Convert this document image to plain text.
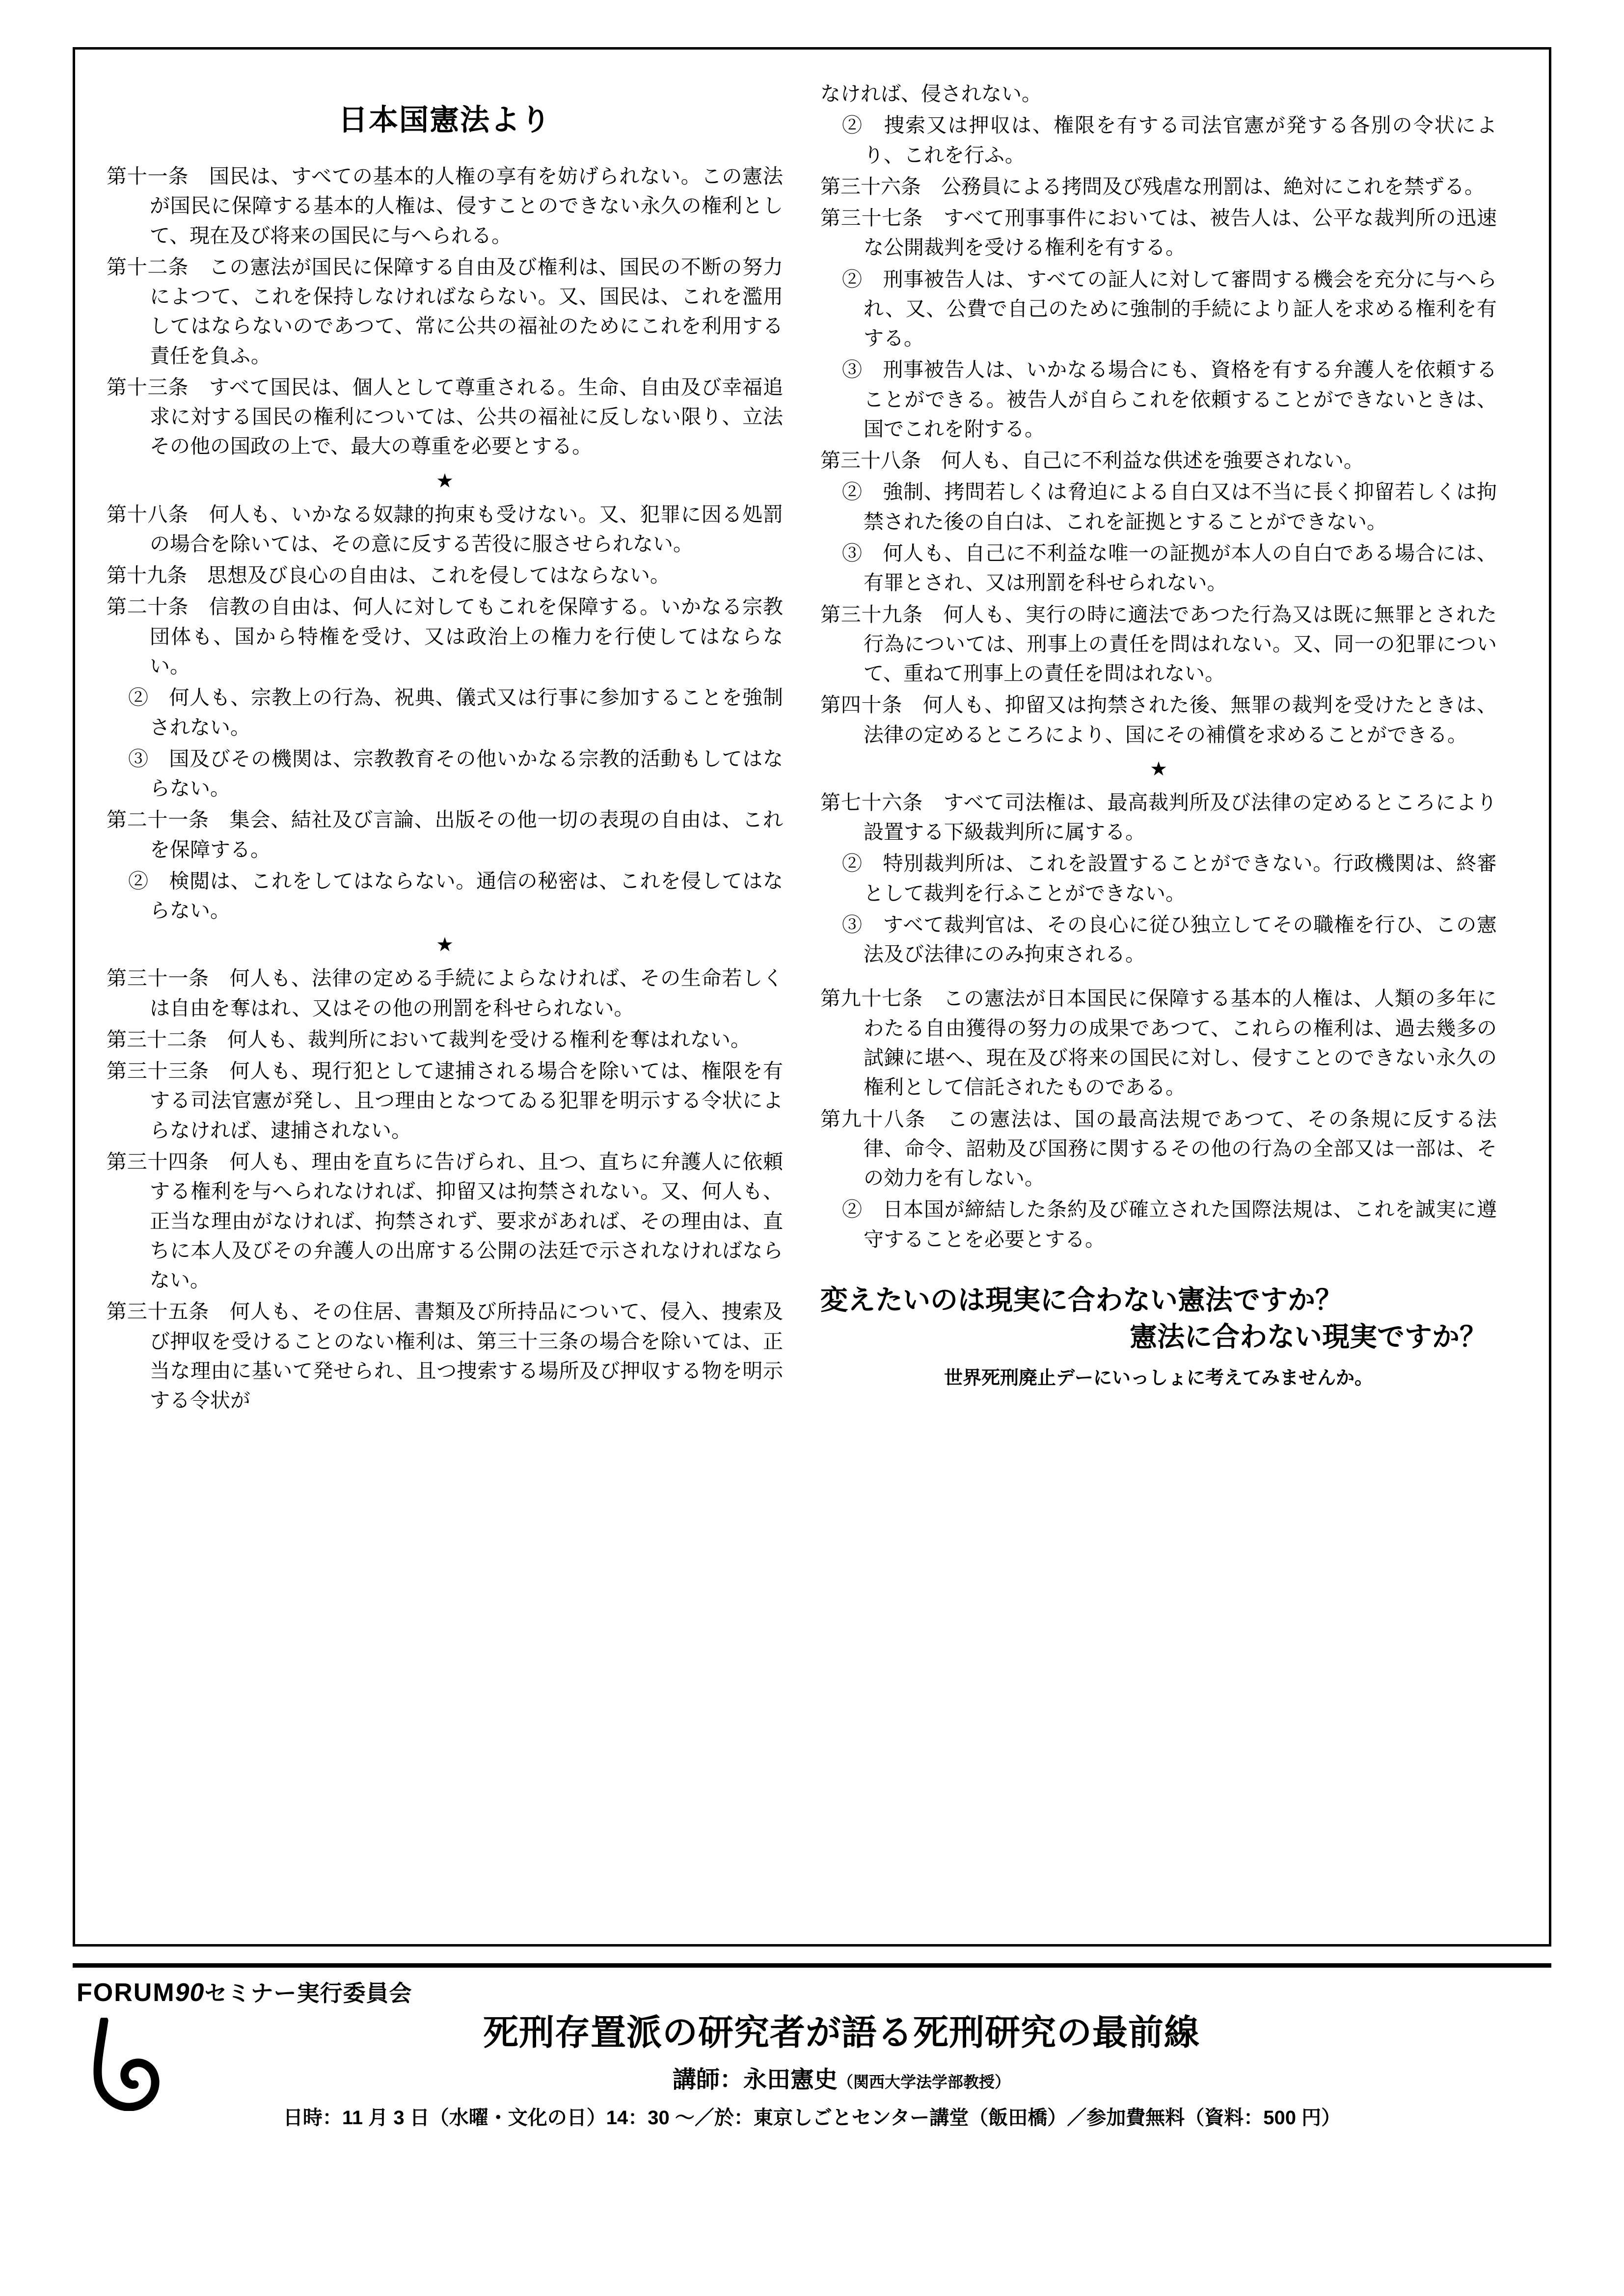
日本国憲法より

第十一条　国民は、すべての基本的人権の享有を妨げられない。この憲法が国民に保障する基本的人権は、侵すことのできない永久の権利として、現在及び将来の国民に与へられる。

第十二条　この憲法が国民に保障する自由及び権利は、国民の不断の努力によつて、これを保持しなければならない。又、国民は、これを濫用してはならないのであつて、常に公共の福祉のためにこれを利用する責任を負ふ。

第十三条　すべて国民は、個人として尊重される。生命、自由及び幸福追求に対する国民の権利については、公共の福祉に反しない限り、立法その他の国政の上で、最大の尊重を必要とする。

★

第十八条　何人も、いかなる奴隷的拘束も受けない。又、犯罪に因る処罰の場合を除いては、その意に反する苦役に服させられない。

第十九条　思想及び良心の自由は、これを侵してはならない。

第二十条　信教の自由は、何人に対してもこれを保障する。いかなる宗教団体も、国から特権を受け、又は政治上の権力を行使してはならない。

②　何人も、宗教上の行為、祝典、儀式又は行事に参加することを強制されない。

③　国及びその機関は、宗教教育その他いかなる宗教的活動もしてはならない。

第二十一条　集会、結社及び言論、出版その他一切の表現の自由は、これを保障する。

②　検閲は、これをしてはならない。通信の秘密は、これを侵してはならない。

★

第三十一条　何人も、法律の定める手続によらなければ、その生命若しくは自由を奪はれ、又はその他の刑罰を科せられない。

第三十二条　何人も、裁判所において裁判を受ける権利を奪はれない。

第三十三条　何人も、現行犯として逮捕される場合を除いては、権限を有する司法官憲が発し、且つ理由となつてゐる犯罪を明示する令状によらなければ、逮捕されない。

第三十四条　何人も、理由を直ちに告げられ、且つ、直ちに弁護人に依頼する権利を与へられなければ、抑留又は拘禁されない。又、何人も、正当な理由がなければ、拘禁されず、要求があれば、その理由は、直ちに本人及びその弁護人の出席する公開の法廷で示されなければならない。

第三十五条　何人も、その住居、書類及び所持品について、侵入、捜索及び押収を受けることのない権利は、第三十三条の場合を除いては、正当な理由に基いて発せられ、且つ捜索する場所及び押収する物を明示する令状が

なければ、侵されない。

②　捜索又は押収は、権限を有する司法官憲が発する各別の令状により、これを行ふ。

第三十六条　公務員による拷問及び残虐な刑罰は、絶対にこれを禁ずる。

第三十七条　すべて刑事事件においては、被告人は、公平な裁判所の迅速な公開裁判を受ける権利を有する。

②　刑事被告人は、すべての証人に対して審問する機会を充分に与へられ、又、公費で自己のために強制的手続により証人を求める権利を有する。

③　刑事被告人は、いかなる場合にも、資格を有する弁護人を依頼することができる。被告人が自らこれを依頼することができないときは、国でこれを附する。

第三十八条　何人も、自己に不利益な供述を強要されない。

②　強制、拷問若しくは脅迫による自白又は不当に長く抑留若しくは拘禁された後の自白は、これを証拠とすることができない。

③　何人も、自己に不利益な唯一の証拠が本人の自白である場合には、有罪とされ、又は刑罰を科せられない。

第三十九条　何人も、実行の時に適法であつた行為又は既に無罪とされた行為については、刑事上の責任を問はれない。又、同一の犯罪について、重ねて刑事上の責任を問はれない。

第四十条　何人も、抑留又は拘禁された後、無罪の裁判を受けたときは、法律の定めるところにより、国にその補償を求めることができる。

★

第七十六条　すべて司法権は、最高裁判所及び法律の定めるところにより設置する下級裁判所に属する。

②　特別裁判所は、これを設置することができない。行政機関は、終審として裁判を行ふことができない。

③　すべて裁判官は、その良心に従ひ独立してその職権を行ひ、この憲法及び法律にのみ拘束される。

第九十七条　この憲法が日本国民に保障する基本的人権は、人類の多年にわたる自由獲得の努力の成果であつて、これらの権利は、過去幾多の試錬に堪へ、現在及び将来の国民に対し、侵すことのできない永久の権利として信託されたものである。

第九十八条　この憲法は、国の最高法規であつて、その条規に反する法律、命令、詔勅及び国務に関するその他の行為の全部又は一部は、その効力を有しない。

②　日本国が締結した条約及び確立された国際法規は、これを誠実に遵守することを必要とする。

変えたいのは現実に合わない憲法ですか？
憲法に合わない現実ですか？
世界死刑廃止デーにいっしょに考えてみませんか。
FORUM90セミナー実行委員会
死刑存置派の研究者が語る死刑研究の最前線
講師：永田憲史（関西大学法学部教授）
日時：11 月 3 日（水曜・文化の日）14：30 ～／於：東京しごとセンター講堂（飯田橋）／参加費無料（資料：500 円）
